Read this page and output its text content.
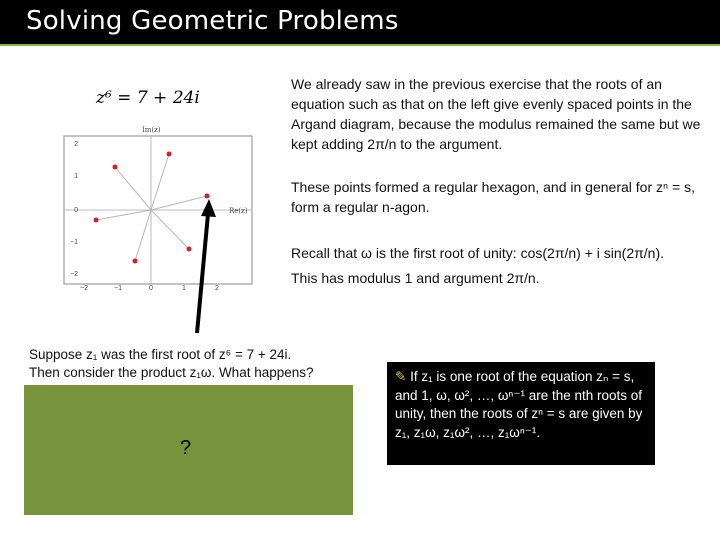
Solving Geometric Problems
z⁶ = 7 + 24i
Im(z)
Re(z)
−2	−1	0	1	2
2
1
0
−1
−2
We already saw in the previous exercise that the roots of an equation such as that on the left give evenly spaced points in the Argand diagram, because the modulus remained the same but we kept adding 2π/n to the argument.
These points formed a regular hexagon, and in general for zⁿ = s, form a regular n-agon.
Recall that ω is the first root of unity: cos(2π/n) + i sin(2π/n).
This has modulus 1 and argument 2π/n.
Suppose z₁ was the first root of z⁶ = 7 + 24i.
Then consider the product z₁ω. What happens?
?
✎ If z₁ is one root of the equation zₙ = s, and 1, ω, ω², …, ωⁿ⁻¹ are the nth roots of unity, then the roots of zⁿ = s are given by z₁, z₁ω, z₁ω², …, z₁ωⁿ⁻¹.
